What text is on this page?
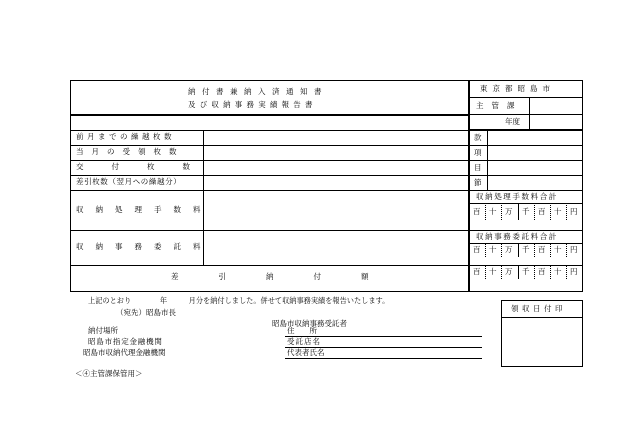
納付書兼納入済通知書
及び収納事務実績報告書
東京都昭島市
主管課
年度
前月までの繰越枚数
当月の受領枚数
交付枚数
差引枚数（翌月への繰越分）
収納処理手数料
収納事務委託料
差引納付額
款
項
目
節
収納処理手数料合計
百 十 万 千 百 十 円
収納事務委託料合計
百 十 万 千 百 十 円
百 十 万 千 百 十 円
上記のとおり　　　　年　　　月分を納付しました。併せて収納事務実績を報告いたします。
（宛先）昭島市長
昭島市収納事務受託者
納付場所
昭島市指定金融機関
昭島市収納代理金融機関
住　　所
受託店名
代表者氏名
領収日付印
＜④主管課保管用＞
